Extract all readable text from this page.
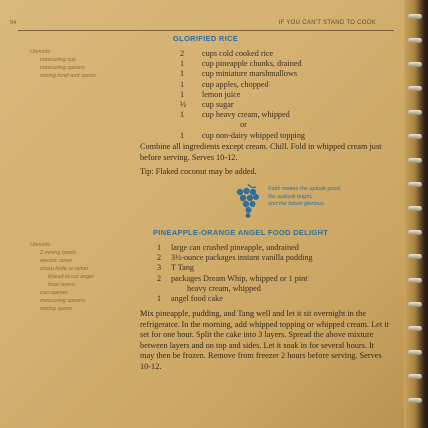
94	IF YOU CAN'T STAND TO COOK
GLORIFIED RICE
Utensils:
measuring cup
measuring spoons
mixing bowl and spoon
2	cups cold cooked rice
1	cup pineapple chunks, drained
1	cup miniature marshmallows
1	cup apples, chopped
1	lemon juice
½	cup sugar
1	cup heavy cream, whipped
or
1	cup non-dairy whipped topping
Combine all ingredients except cream. Chill. Fold in whipped cream just before serving. Serves 10-12.
Tip: Flaked coconut may be added.
Faith makes the uplook good,
the outlook bright,
and the future glorious.
PINEAPPLE-ORANGE ANGEL FOOD DELIGHT
Utensils:
2 mixing bowls
electric mixer
sharp knife or nylon
thread to cut angel
food layers
can opener
measuring spoons
mixing spoon
1	large can crushed pineapple, undrained
2	3½-ounce packages instant vanilla pudding
3	T Tang
2	packages Dream Whip, whipped or 1 pint
heavy cream, whipped
1	angel food cake
Mix pineapple, pudding, and Tang well and let it sit overnight in the refrigerator. In the morning, add whipped topping or whipped cream. Let it set for one hour. Split the cake into 3 layers. Spread the above mixture between layers and on top and sides. Let it soak in for several hours. It may then be frozen. Remove from freezer 2 hours before serving. Serves 10-12.
